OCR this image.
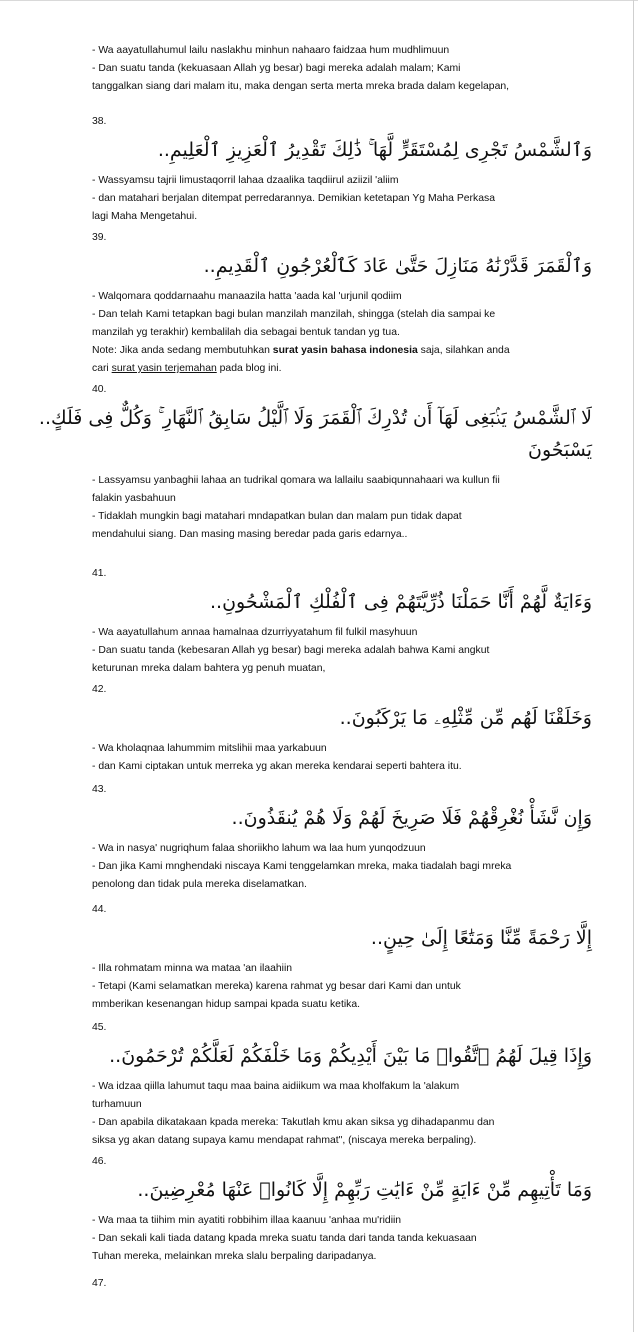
- Wa aayatullahumul lailu naslakhu minhun nahaaro faidzaa hum mudhlimuun
- Dan suatu tanda (kekuasaan Allah yg besar) bagi mereka adalah malam; Kami
tanggalkan siang dari malam itu, maka dengan serta merta mreka brada dalam kegelapan,
38.
وَٱلشَّمْسُ تَجْرِى لِمُسْتَقَرٍّ لَّهَا ۚ ذَٰلِكَ تَقْدِيرُ ٱلْعَزِيزِ ٱلْعَلِيمِ..
- Wassyamsu tajrii limustaqorril lahaa dzaalika taqdiirul aziizil 'aliim
- dan matahari berjalan ditempat perredarannya. Demikian ketetapan Yg Maha Perkasa
lagi Maha Mengetahui.
39.
وَٱلْقَمَرَ قَدَّرْنَٰهُ مَنَازِلَ حَتَّىٰ عَادَ كَٱلْعُرْجُونِ ٱلْقَدِيمِ..
- Walqomara qoddarnaahu manaazila hatta 'aada kal 'urjunil qodiim
- Dan telah Kami tetapkan bagi bulan manzilah manzilah, shingga (stelah dia sampai ke
manzilah yg terakhir) kembalilah dia sebagai bentuk tandan yg tua.
Note: Jika anda sedang membutuhkan surat yasin bahasa indonesia saja, silahkan anda
cari surat yasin terjemahan pada blog ini.
40.
لَا ٱلشَّمْسُ يَنۢبَغِى لَهَآ أَن تُدْرِكَ ٱلْقَمَرَ وَلَا ٱلَّيْلُ سَابِقُ ٱلنَّهَارِ ۚ وَكُلٌّ فِى فَلَكٍ..
يَسْبَحُونَ
- Lassyamsu yanbaghii lahaa an tudrikal qomara wa lallailu saabiqunnahaari wa kullun fii
falakin yasbahuun
- Tidaklah mungkin bagi matahari mndapatkan bulan dan malam pun tidak dapat
mendahului siang. Dan masing masing beredar pada garis edarnya..
41.
وَءَايَةٌ لَّهُمْ أَنَّا حَمَلْنَا ذُرِّيَّتَهُمْ فِى ٱلْفُلْكِ ٱلْمَشْحُونِ..
- Wa aayatullahum annaa hamalnaa dzurriyyatahum fil fulkil masyhuun
- Dan suatu tanda (kebesaran Allah yg besar) bagi mereka adalah bahwa Kami angkut
keturunan mreka dalam bahtera yg penuh muatan,
42.
وَخَلَقْنَا لَهُم مِّن مِّثْلِهِۦ مَا يَرْكَبُونَ..
- Wa kholaqnaa lahummim mitslihii maa yarkabuun
- dan Kami ciptakan untuk merreka yg akan mereka kendarai seperti bahtera itu.
43.
وَإِن نَّشَأْ نُغْرِقْهُمْ فَلَا صَرِيخَ لَهُمْ وَلَا هُمْ يُنقَذُونَ..
- Wa in nasya' nugriqhum falaa shoriikho lahum wa laa hum yunqodzuun
- Dan jika Kami mnghendaki niscaya Kami tenggelamkan mreka, maka tiadalah bagi mreka
penolong dan tidak pula mereka diselamatkan.
44.
إِلَّا رَحْمَةً مِّنَّا وَمَتَٰعًا إِلَىٰ حِينٍ..
- Illa rohmatam minna wa mataa 'an ilaahiin
- Tetapi (Kami selamatkan mereka) karena rahmat yg besar dari Kami dan untuk
mmberikan kesenangan hidup sampai kpada suatu ketika.
45.
وَإِذَا قِيلَ لَهُمُ ٱتَّقُوا۟ مَا بَيْنَ أَيْدِيكُمْ وَمَا خَلْفَكُمْ لَعَلَّكُمْ تُرْحَمُونَ..
- Wa idzaa qiilla lahumut taqu maa baina aidiikum wa maa kholfakum la 'alakum
turhamuun
- Dan apabila dikatakaan kpada mereka: Takutlah kmu akan siksa yg dihadapanmu dan
siksa yg akan datang supaya kamu mendapat rahmat", (niscaya mereka berpaling).
46.
وَمَا تَأْتِيهِم مِّنْ ءَايَةٍ مِّنْ ءَايَٰتِ رَبِّهِمْ إِلَّا كَانُوا۟ عَنْهَا مُعْرِضِينَ..
- Wa maa ta tiihim min ayatiti robbihim illaa kaanuu 'anhaa mu'ridiin
- Dan sekali kali tiada datang kpada mreka suatu tanda dari tanda tanda kekuasaan
Tuhan mereka, melainkan mreka slalu berpaling daripadanya.
47.
